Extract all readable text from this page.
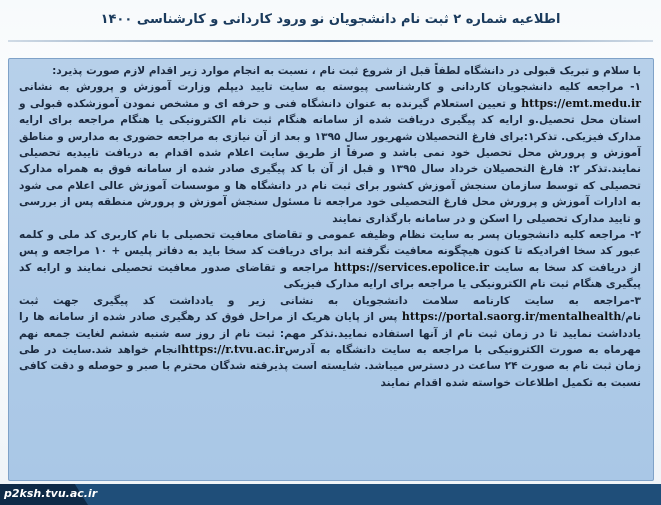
اطلاعیه شماره ۲ ثبت نام دانشجویان نو ورود کاردانی و کارشناسی ۱۴۰۰

با سلام و تبریک قبولی در دانشگاه لطفاً قبل از شروع ثبت نام ، نسبت به انجام موارد زیر اقدام لازم صورت پذیرد:

۱- مراجعه کلیه دانشجویان کاردانی و کارشناسی پیوسته به سایت تایید دیپلم وزارت آموزش و پرورش به نشانی https://emt.medu.ir و تعیین استعلام گیرنده به عنوان دانشگاه فنی و حرفه ای و مشخص نمودن آموزشکده قبولی و استان محل تحصیل.و ارایه کد پیگیری دریافت شده از سامانه هنگام ثبت نام الکترونیکی یا هنگام مراجعه برای ارایه مدارک فیزیکی. تذکر۱:برای فارغ التحصیلان شهریور سال ۱۳۹۵ و بعد از آن نیازی به مراجعه حضوری به مدارس و مناطق آموزش و پرورش محل تحصیل خود نمی باشد و صرفاً از طریق سایت اعلام شده اقدام به دریافت تاییدیه تحصیلی نمایند.تذکر ۲: فارغ التحصیلان خرداد سال ۱۳۹۵ و قبل از آن با کد پیگیری صادر شده از سامانه فوق به همراه مدارک تحصیلی که توسط سازمان سنجش آموزش کشور برای ثبت نام در دانشگاه ها و موسسات آموزش عالی اعلام می شود به ادارات آموزش و پرورش محل فارغ التحصیلی خود مراجعه تا مسئول سنجش آموزش و پرورش منطقه پس از بررسی و تایید مدارک تحصیلی را اسکن و در سامانه بارگذاری نمایند

۲- مراجعه کلیه دانشجویان پسر به سایت نظام وظیفه عمومی و تقاضای معافیت تحصیلی با نام کاربری کد ملی و کلمه عبور کد سخا افرادیکه تا کنون هیچگونه معافیت نگرفته اند برای دریافت کد سخا باید به دفاتر پلیس + ۱۰ مراجعه و پس از دریافت کد سخا به سایت https://services.epolice.ir مراجعه و تقاضای صدور معافیت تحصیلی نمایند و ارایه کد پیگیری هنگام ثبت نام الکترونیکی یا مراجعه برای ارایه مدارک فیزیکی

۳-مراجعه به سایت کارنامه سلامت دانشجویان به نشانی زیر و یادداشت کد پیگیری جهت ثبت نام/https://portal.saorg.ir/mentalhealth پس از پایان هریک از مراحل فوق کد رهگیری صادر شده از سامانه ها را یادداشت نمایید تا در زمان ثبت نام از آنها استفاده نمایید.تذکر مهم: ثبت نام از روز سه شنبه ششم لغایت جمعه نهم مهرماه به صورت الکترونیکی با مراجعه به سایت دانشگاه به آدرسhttps://r.tvu.ac.irانجام خواهد شد.سایت در طی زمان ثبت نام به صورت ۲۴ ساعت در دسترس میباشد. شایسته است پذیرفته شدگان محترم با صبر و حوصله و دقت کافی نسبت به تکمیل اطلاعات خواسته شده اقدام نمایند

p2ksh.tvu.ac.ir
